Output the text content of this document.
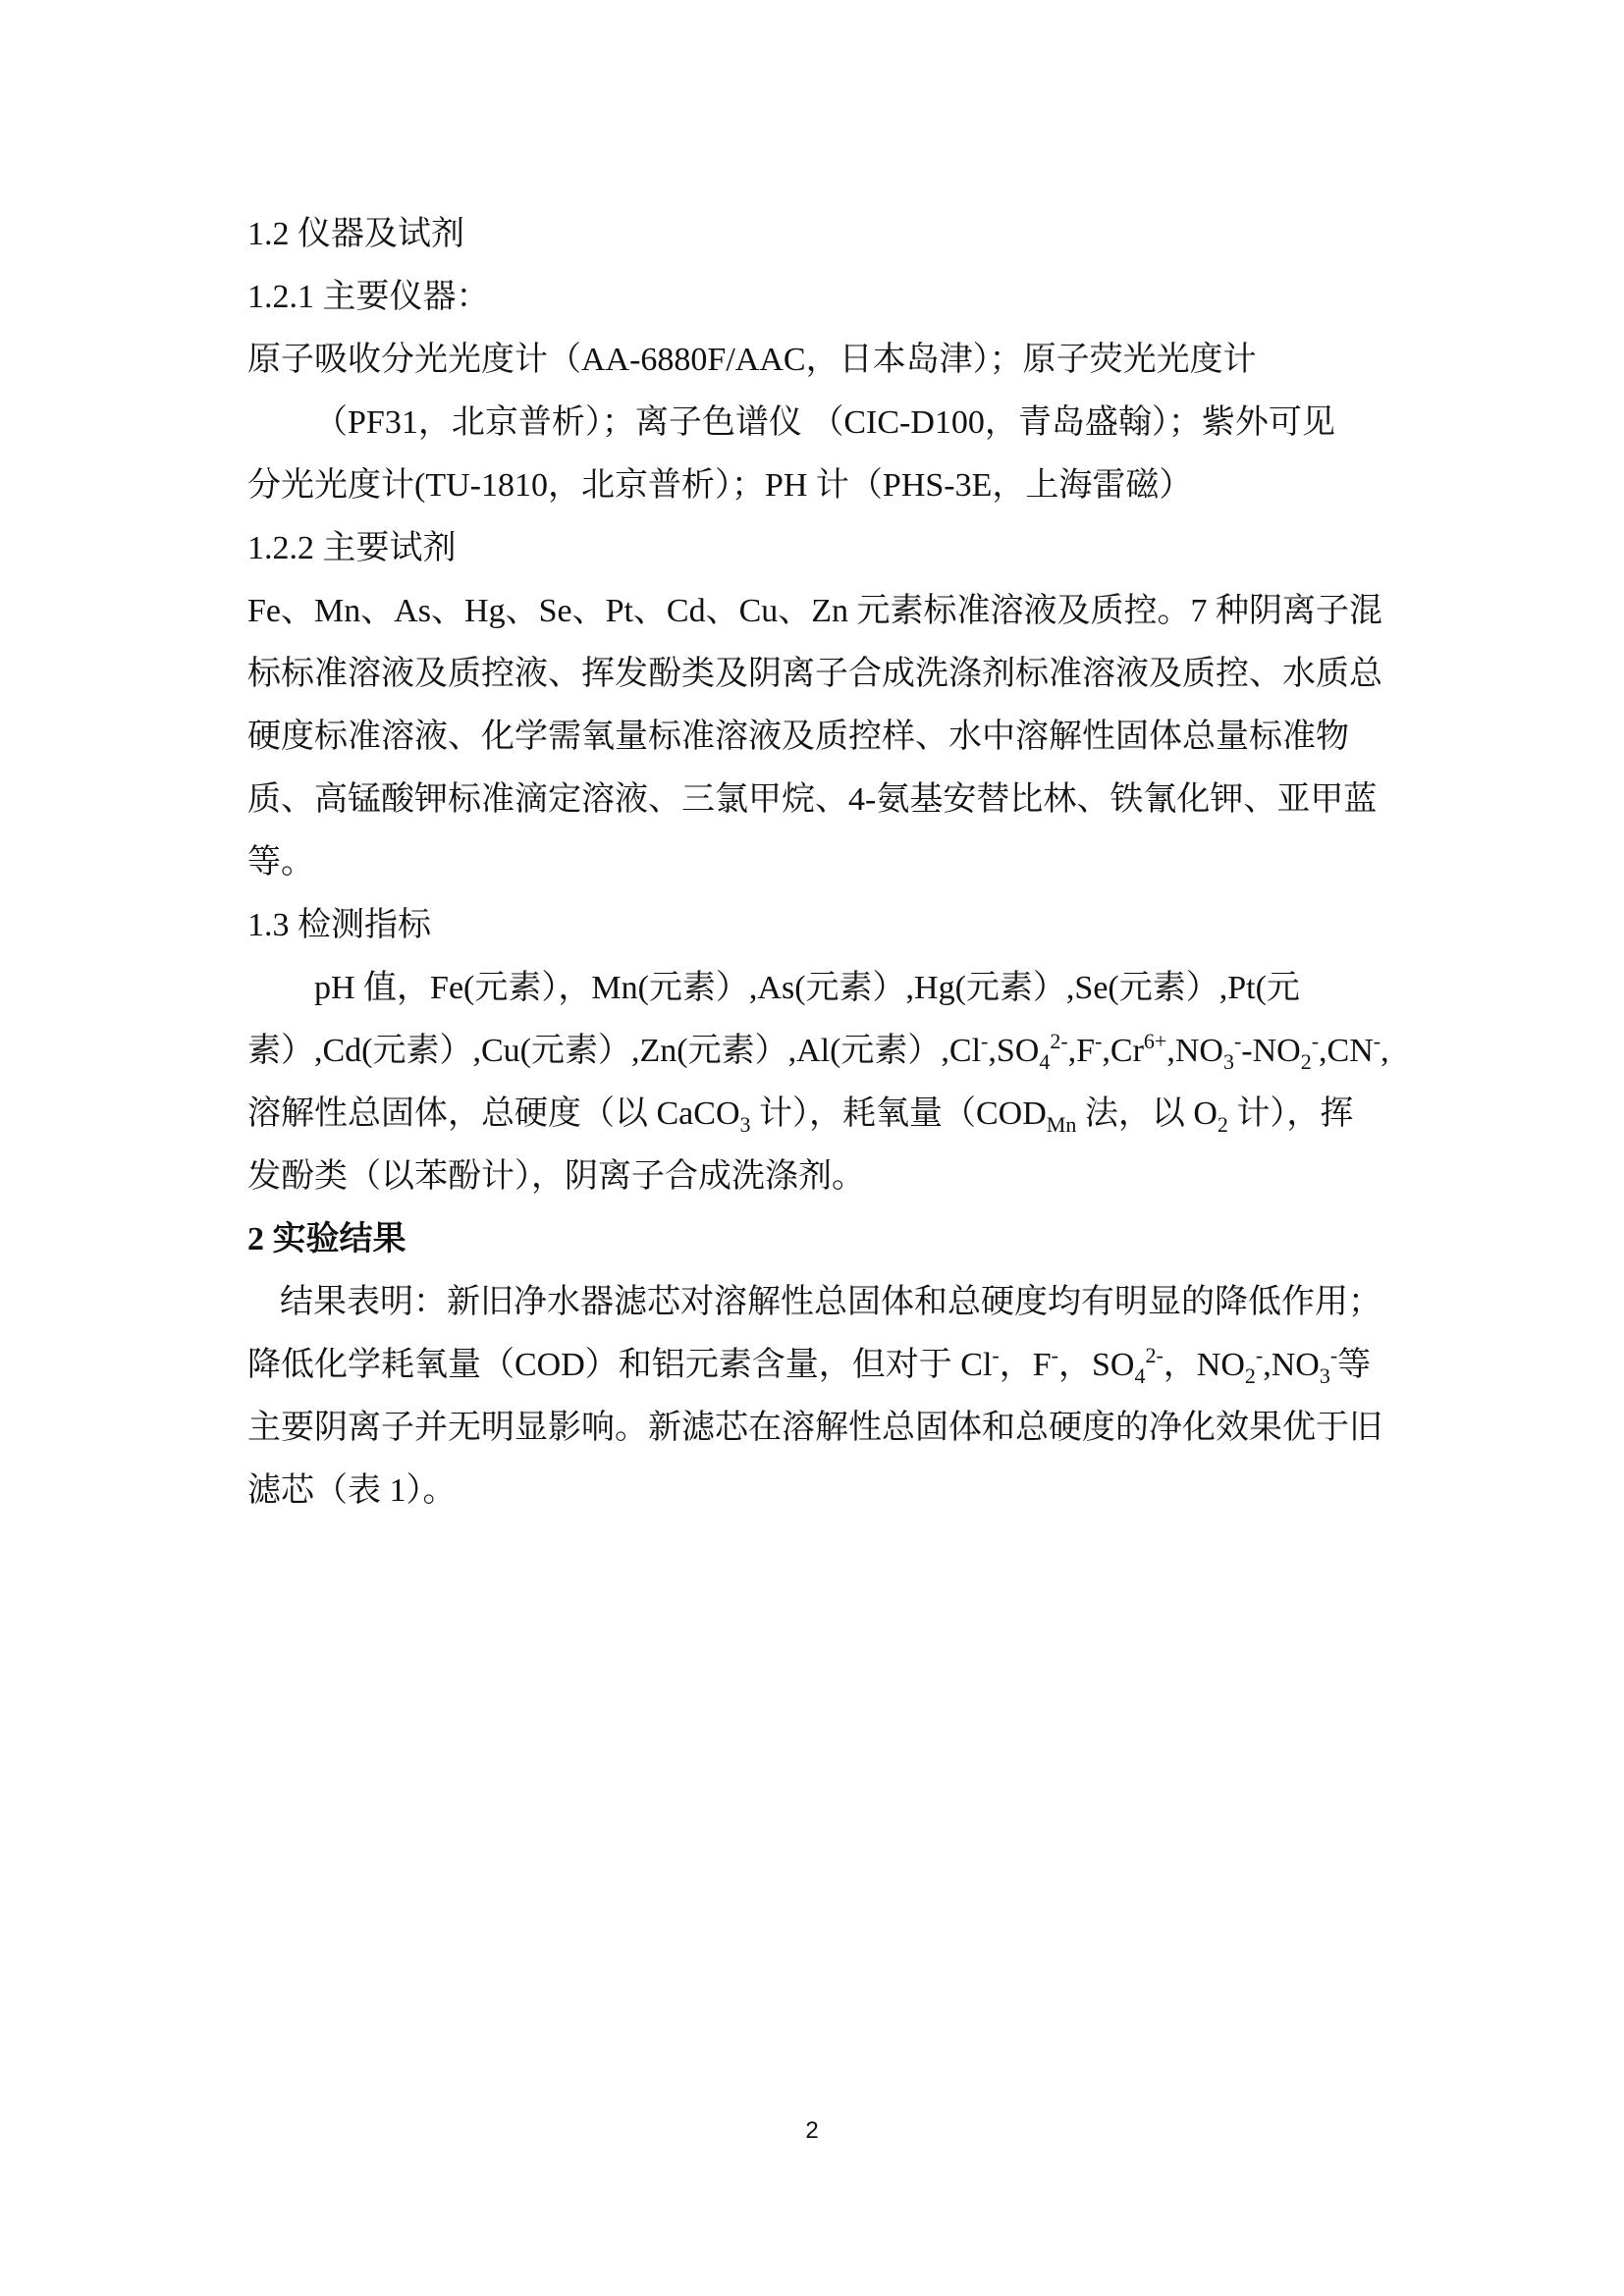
1.2 仪器及试剂
1.2.1 主要仪器：
原子吸收分光光度计（AA-6880F/AAC，日本岛津）；原子荧光光度计
（PF31，北京普析）；离子色谱仪 （CIC-D100，青岛盛翰）；紫外可见
分光光度计(TU-1810，北京普析）；PH 计（PHS-3E，上海雷磁）
1.2.2 主要试剂
Fe、Mn、As、Hg、Se、Pt、Cd、Cu、Zn 元素标准溶液及质控。7 种阴离子混
标标准溶液及质控液、挥发酚类及阴离子合成洗涤剂标准溶液及质控、水质总
硬度标准溶液、化学需氧量标准溶液及质控样、水中溶解性固体总量标准物
质、高锰酸钾标准滴定溶液、三氯甲烷、4-氨基安替比林、铁氰化钾、亚甲蓝
等。
1.3 检测指标
pH 值，Fe(元素），Mn(元素）,As(元素）,Hg(元素）,Se(元素）,Pt(元
素）,Cd(元素）,Cu(元素）,Zn(元素）,Al(元素）$,Cl^-,SO_4^{2-},F^-,Cr^{6+},NO_3^--NO_2^-,CN^-$,
溶解性总固体，总硬度（以 CaCO$_3$ 计），耗氧量（$COD_{Mn}$ 法，以 $O_2$ 计），挥
发酚类（以苯酚计），阴离子合成洗涤剂。
2 实验结果
结果表明：新旧净水器滤芯对溶解性总固体和总硬度均有明显的降低作用；
降低化学耗氧量（COD）和铝元素含量，但对于 Cl-，F-，$SO_4^{2-}$，$NO_2^-,NO_3^-$等
主要阴离子并无明显影响。新滤芯在溶解性总固体和总硬度的净化效果优于旧
滤芯（表 1）。
2
